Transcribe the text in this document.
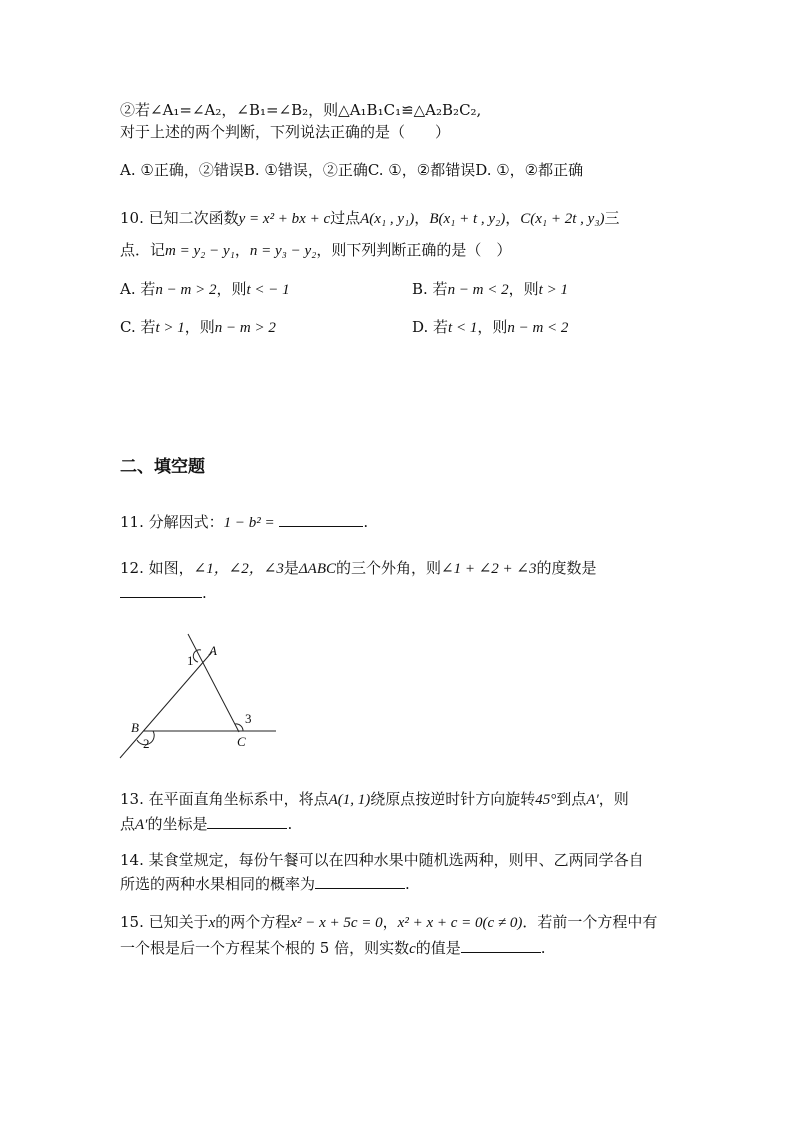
②若∠A₁=∠A₂，∠B₁=∠B₂，则△A₁B₁C₁≌△A₂B₂C₂,
对于上述的两个判断，下列说法正确的是（　　）
A. ①正确，②错误B. ①错误，②正确C. ①，②都错误D. ①，②都正确
10. 已知二次函数y = x² + bx + c过点A(x₁ , y₁)，B(x₁ + t , y₂)，C(x₁ + 2t , y₃)三
点．记m = y₂ − y₁，n = y₃ − y₂，则下列判断正确的是（　）
A. 若n − m > 2，则t < − 1	B. 若n − m < 2，则t > 1
C. 若t > 1，则n − m > 2	D. 若t < 1，则n − m < 2
二、填空题
11. 分解因式：1 − b² =	.
12. 如图，∠1，∠2，∠3是ΔABC的三个外角，则∠1 + ∠2 + ∠3的度数是
.
A
B
C
1
2
3
13. 在平面直角坐标系中，将点A(1, 1)绕原点按逆时针方向旋转45°到点A′，则
点A′的坐标是	.
14. 某食堂规定，每份午餐可以在四种水果中随机选两种，则甲、乙两同学各自
所选的两种水果相同的概率为	.
15. 已知关于x的两个方程x² − x + 5c = 0，x² + x + c = 0(c ≠ 0)．若前一个方程中有
一个根是后一个方程某个根的 5 倍，则实数c的值是	.
